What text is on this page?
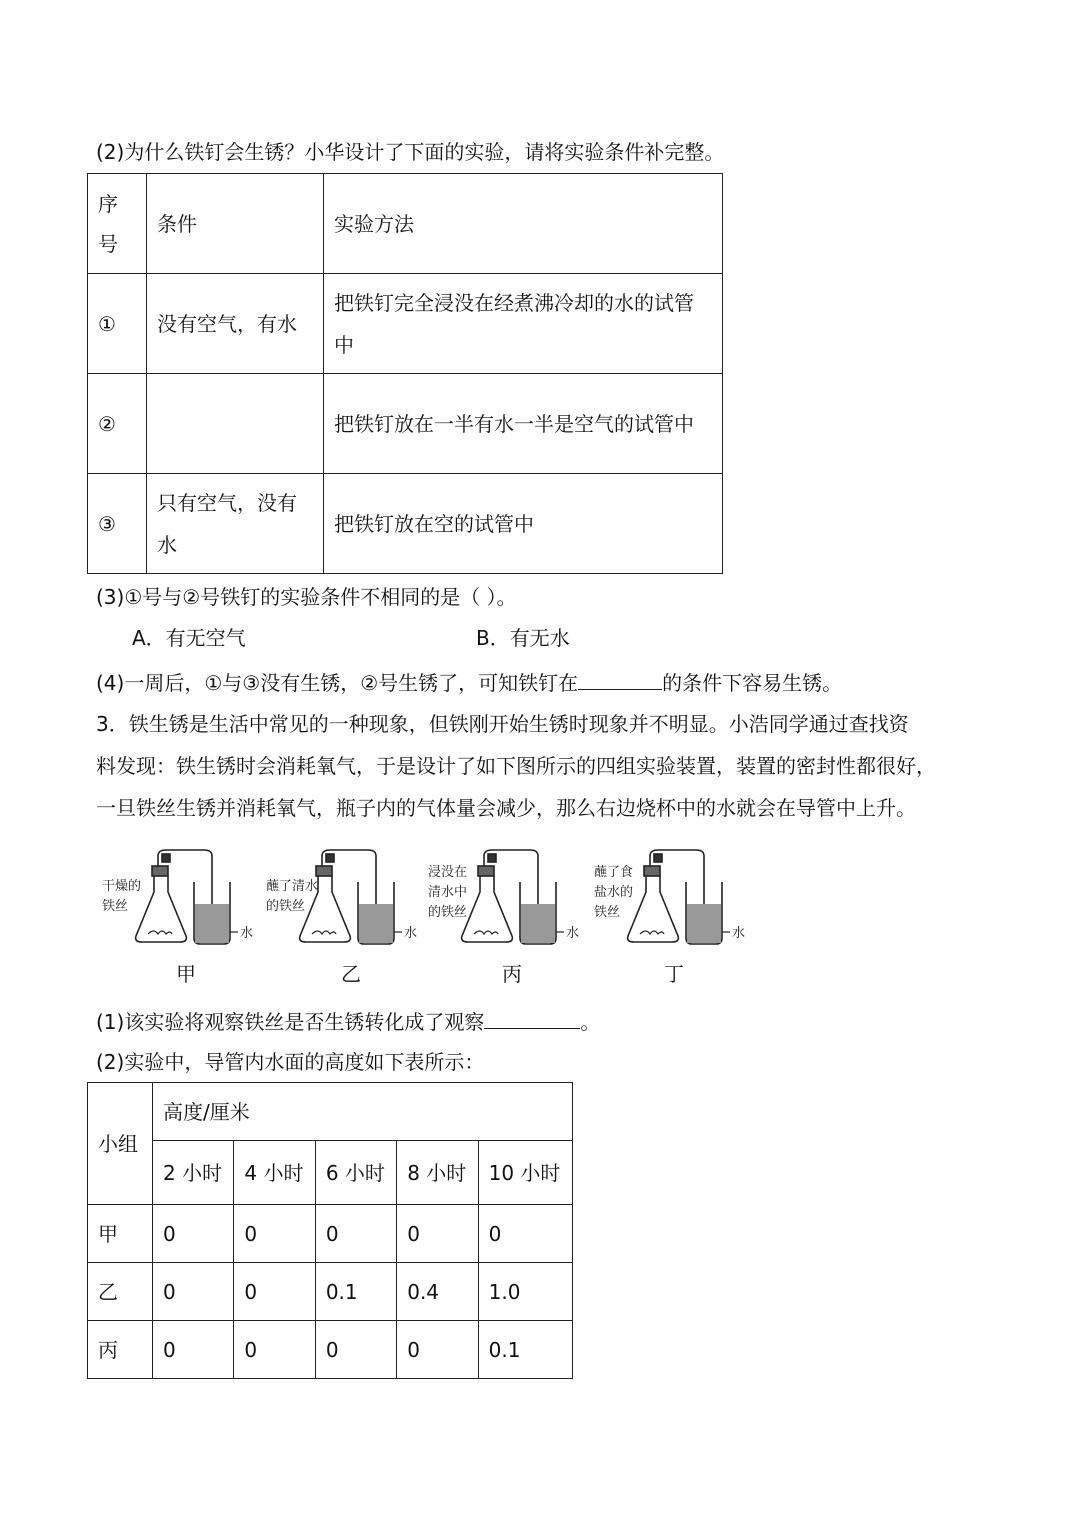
(2)为什么铁钉会生锈？小华设计了下面的实验，请将实验条件补完整。
序号	条件	实验方法
①	没有空气，有水	把铁钉完全浸没在经煮沸冷却的水的试管中
②		把铁钉放在一半有水一半是空气的试管中
③	只有空气，没有水	把铁钉放在空的试管中
(3)①号与②号铁钉的实验条件不相同的是（ ）。
A．有无空气	B．有无水
(4)一周后，①与③没有生锈，②号生锈了，可知铁钉在	的条件下容易生锈。
3．铁生锈是生活中常见的一种现象，但铁刚开始生锈时现象并不明显。小浩同学通过查找资
料发现：铁生锈时会消耗氧气，于是设计了如下图所示的四组实验装置，装置的密封性都很好，
一旦铁丝生锈并消耗氧气，瓶子内的气体量会减少，那么右边烧杯中的水就会在导管中上升。
干燥的铁丝
水
蘸了清水的铁丝
水
浸没在清水中的铁丝
水
蘸了食盐水的铁丝
水
甲	乙	丙	丁
(1)该实验将观察铁丝是否生锈转化成了观察	。
(2)实验中，导管内水面的高度如下表所示：
小组	高度/厘米				
	2 小时	4 小时	6 小时	8 小时	10 小时
甲	0	0	0	0	0
乙	0	0	0.1	0.4	1.0
丙	0	0	0	0	0.1
